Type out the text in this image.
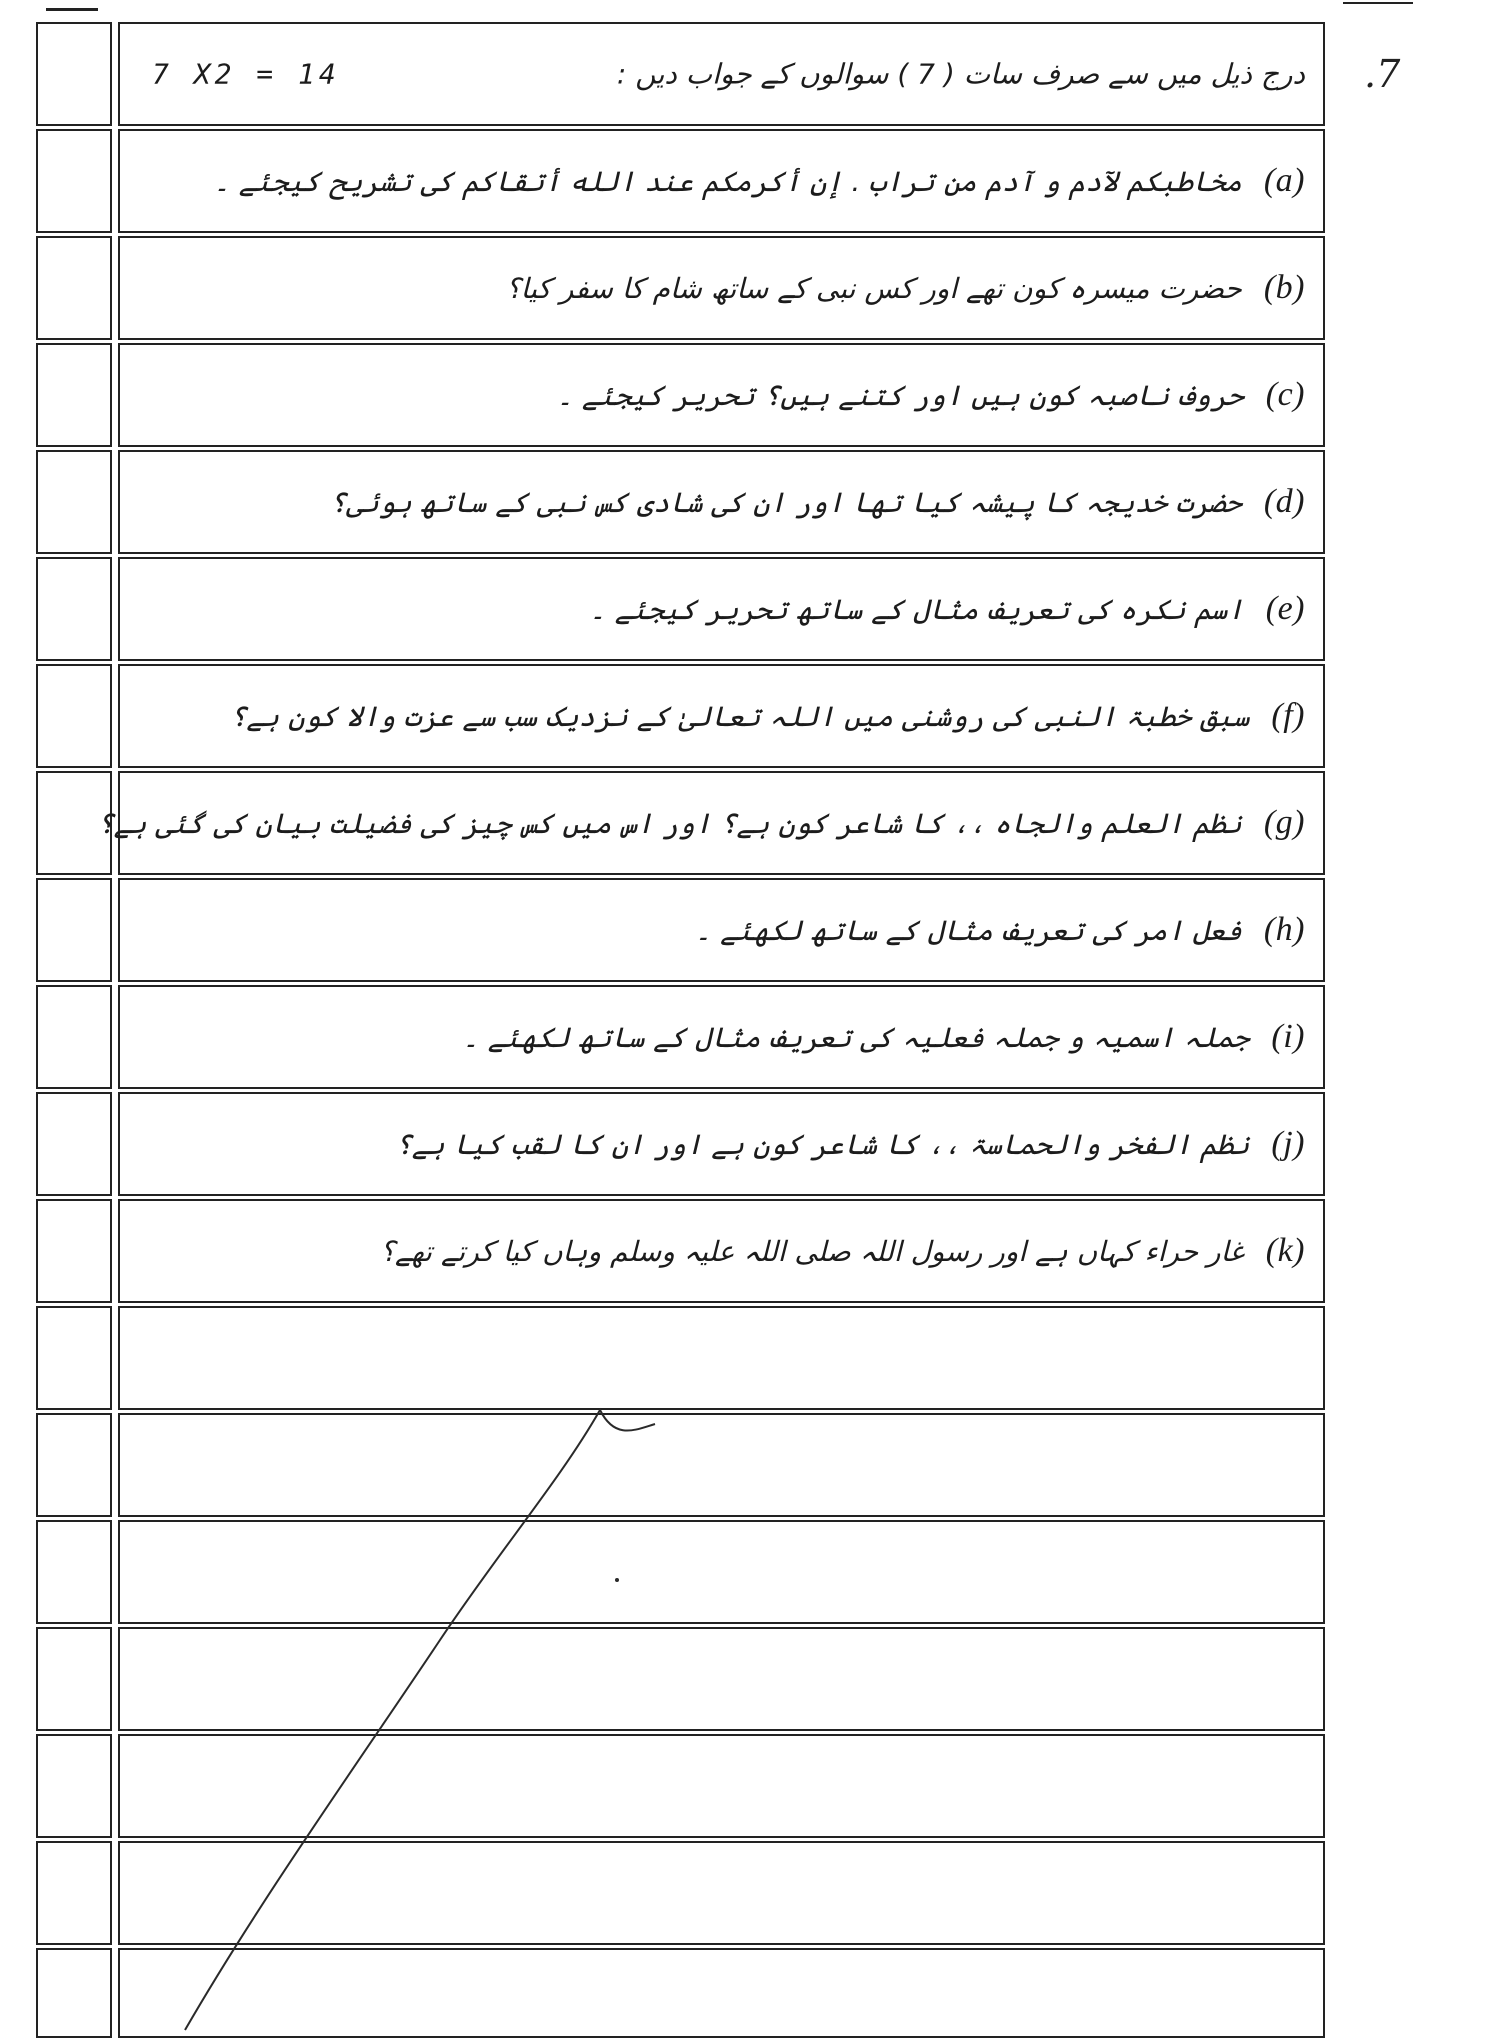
.7
7 X2 = 14	درج ذیل میں سے صرف سات ( 7 ) سوالوں کے جواب دیں :
(a)مخاطبکم لآدم و آدم من تراب . إن أکرمکم عند الله أتقاکم کی تشریح کیجئے ۔
(b)حضرت میسرہ کون تھے اور کس نبی کے ساتھ شام کا سفر کیا؟
(c)حروف ناصبہ کون ہیں اور کتنے ہیں؟ تحریر کیجئے ۔
(d)حضرت خدیجہ کا پیشہ کیا تھا اور ان کی شادی کس نبی کے ساتھ ہوئی؟
(e)اسم نکرہ کی تعریف مثال کے ساتھ تحریر کیجئے ۔
(f)سبق خطبۃ النبی کی روشنی میں اللہ تعالیٰ کے نزدیک سب سے عزت والا کون ہے؟
(g)نظم العلم والجاہ ،، کا شاعر کون ہے؟ اور اس میں کس چیز کی فضیلت بیان کی گئی ہے؟
(h)فعل امر کی تعریف مثال کے ساتھ لکھئے ۔
(i)جملہ اسمیہ و جملہ فعلیہ کی تعریف مثال کے ساتھ لکھئے ۔
(j)نظم الفخر والحماسۃ ،، کا شاعر کون ہے اور ان کا لقب کیا ہے؟
(k)غار حراء کہاں ہے اور رسول اللہ صلی اللہ علیہ وسلم وہاں کیا کرتے تھے؟
